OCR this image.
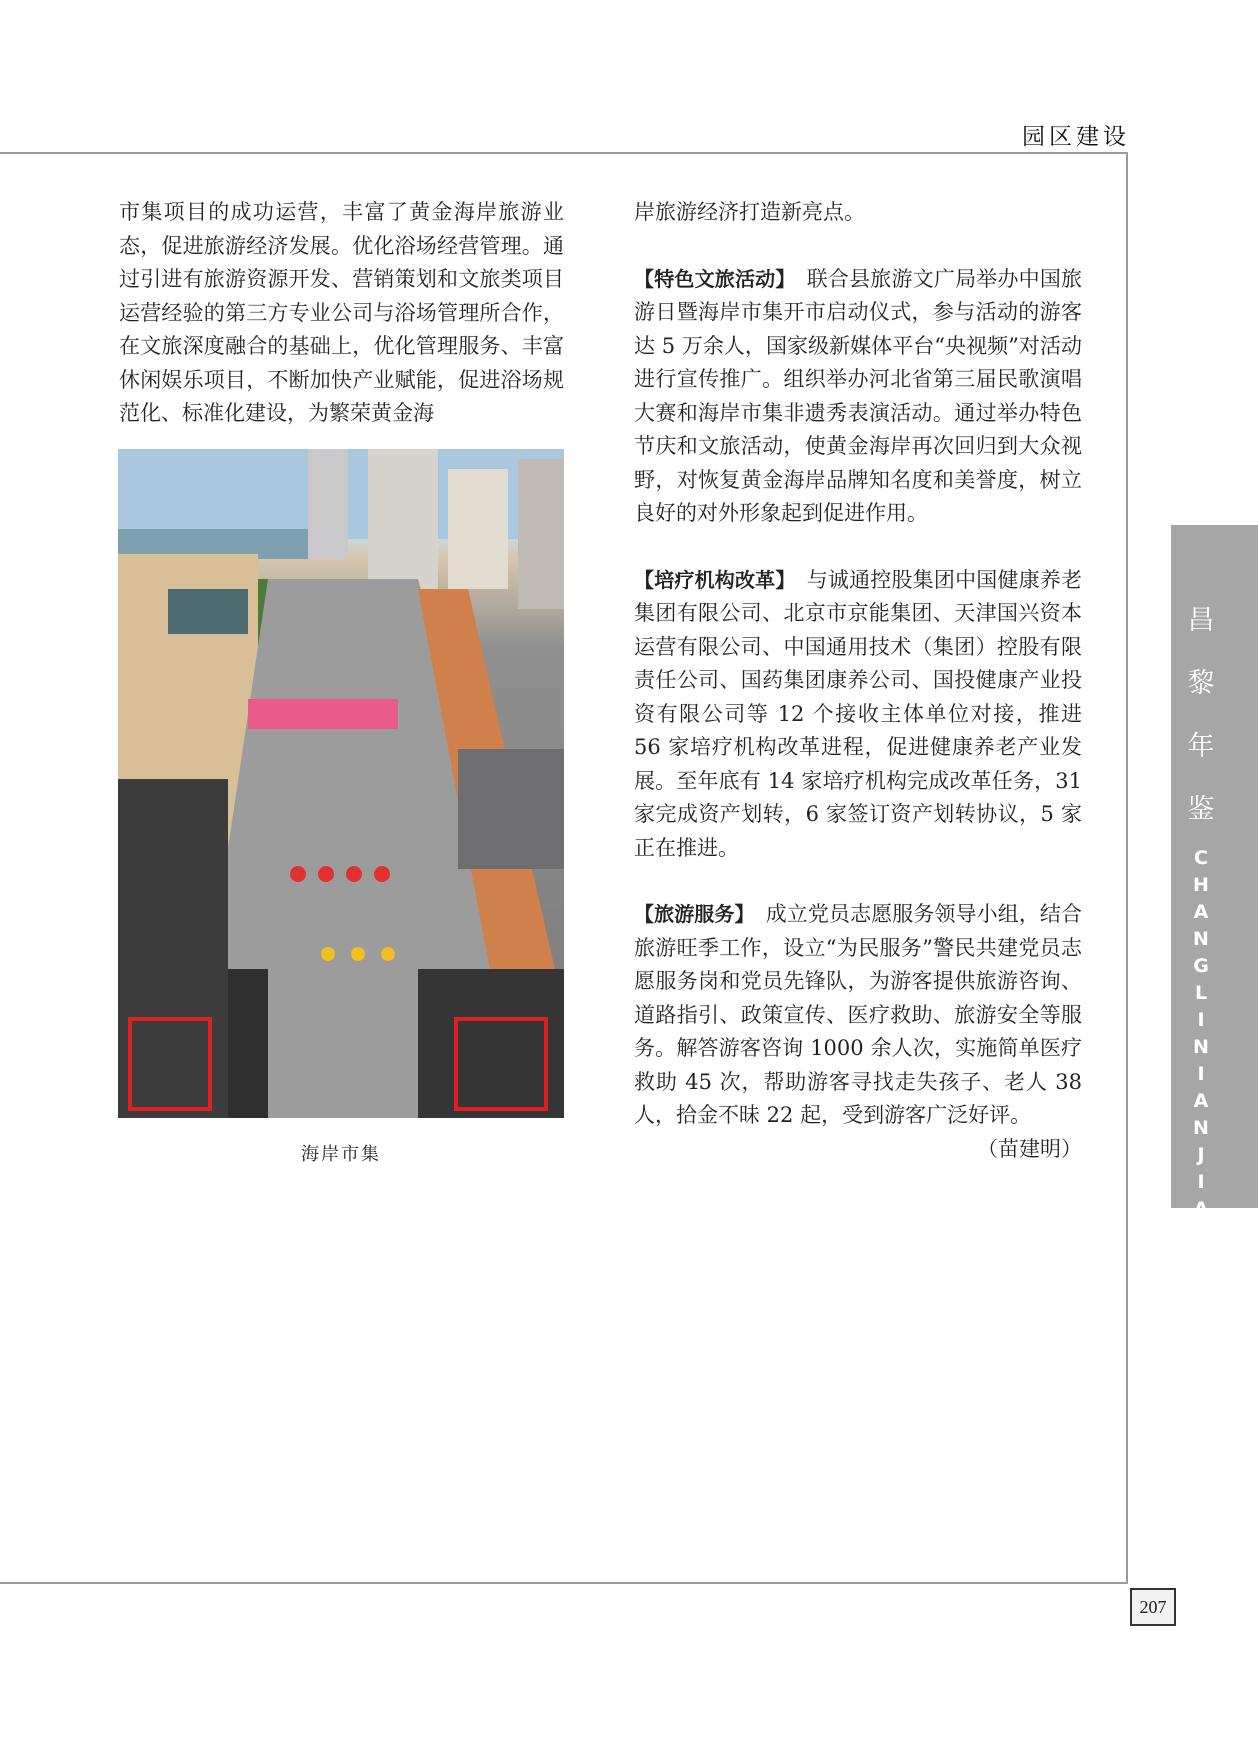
园区建设

市集项目的成功运营，丰富了黄金海岸旅游业态，促进旅游经济发展。优化浴场经营管理。通过引进有旅游资源开发、营销策划和文旅类项目运营经验的第三方专业公司与浴场管理所合作，在文旅深度融合的基础上，优化管理服务、丰富休闲娱乐项目，不断加快产业赋能，促进浴场规范化、标准化建设，为繁荣黄金海

海岸市集

岸旅游经济打造新亮点。

【特色文旅活动】　 联合县旅游文广局举办中国旅游日暨海岸市集开市启动仪式，参与活动的游客达 5 万余人，国家级新媒体平台“央视频”对活动进行宣传推广。组织举办河北省第三届民歌演唱大赛和海岸市集非遗秀表演活动。通过举办特色节庆和文旅活动，使黄金海岸再次回归到大众视野，对恢复黄金海岸品牌知名度和美誉度，树立良好的对外形象起到促进作用。

【培疗机构改革】　 与诚通控股集团中国健康养老集团有限公司、北京市京能集团、天津国兴资本运营有限公司、中国通用技术（集团）控股有限责任公司、国药集团康养公司、国投健康产业投资有限公司等 12 个接收主体单位对接，推进 56 家培疗机构改革进程，促进健康养老产业发展。至年底有 14 家培疗机构完成改革任务，31 家完成资产划转，6 家签订资产划转协议，5 家正在推进。

【旅游服务】　 成立党员志愿服务领导小组，结合旅游旺季工作，设立“为民服务”警民共建党员志愿服务岗和党员先锋队，为游客提供旅游咨询、道路指引、政策宣传、医疗救助、旅游安全等服务。解答游客咨询 1000 余人次，实施简单医疗救助 45 次，帮助游客寻找走失孩子、老人 38 人，拾金不昧 22 起，受到游客广泛好评。

（苗建明）

昌
黎
年
鉴
C
H
A
N
G
L
I
N
I
A
N
J
I
A
N
207
